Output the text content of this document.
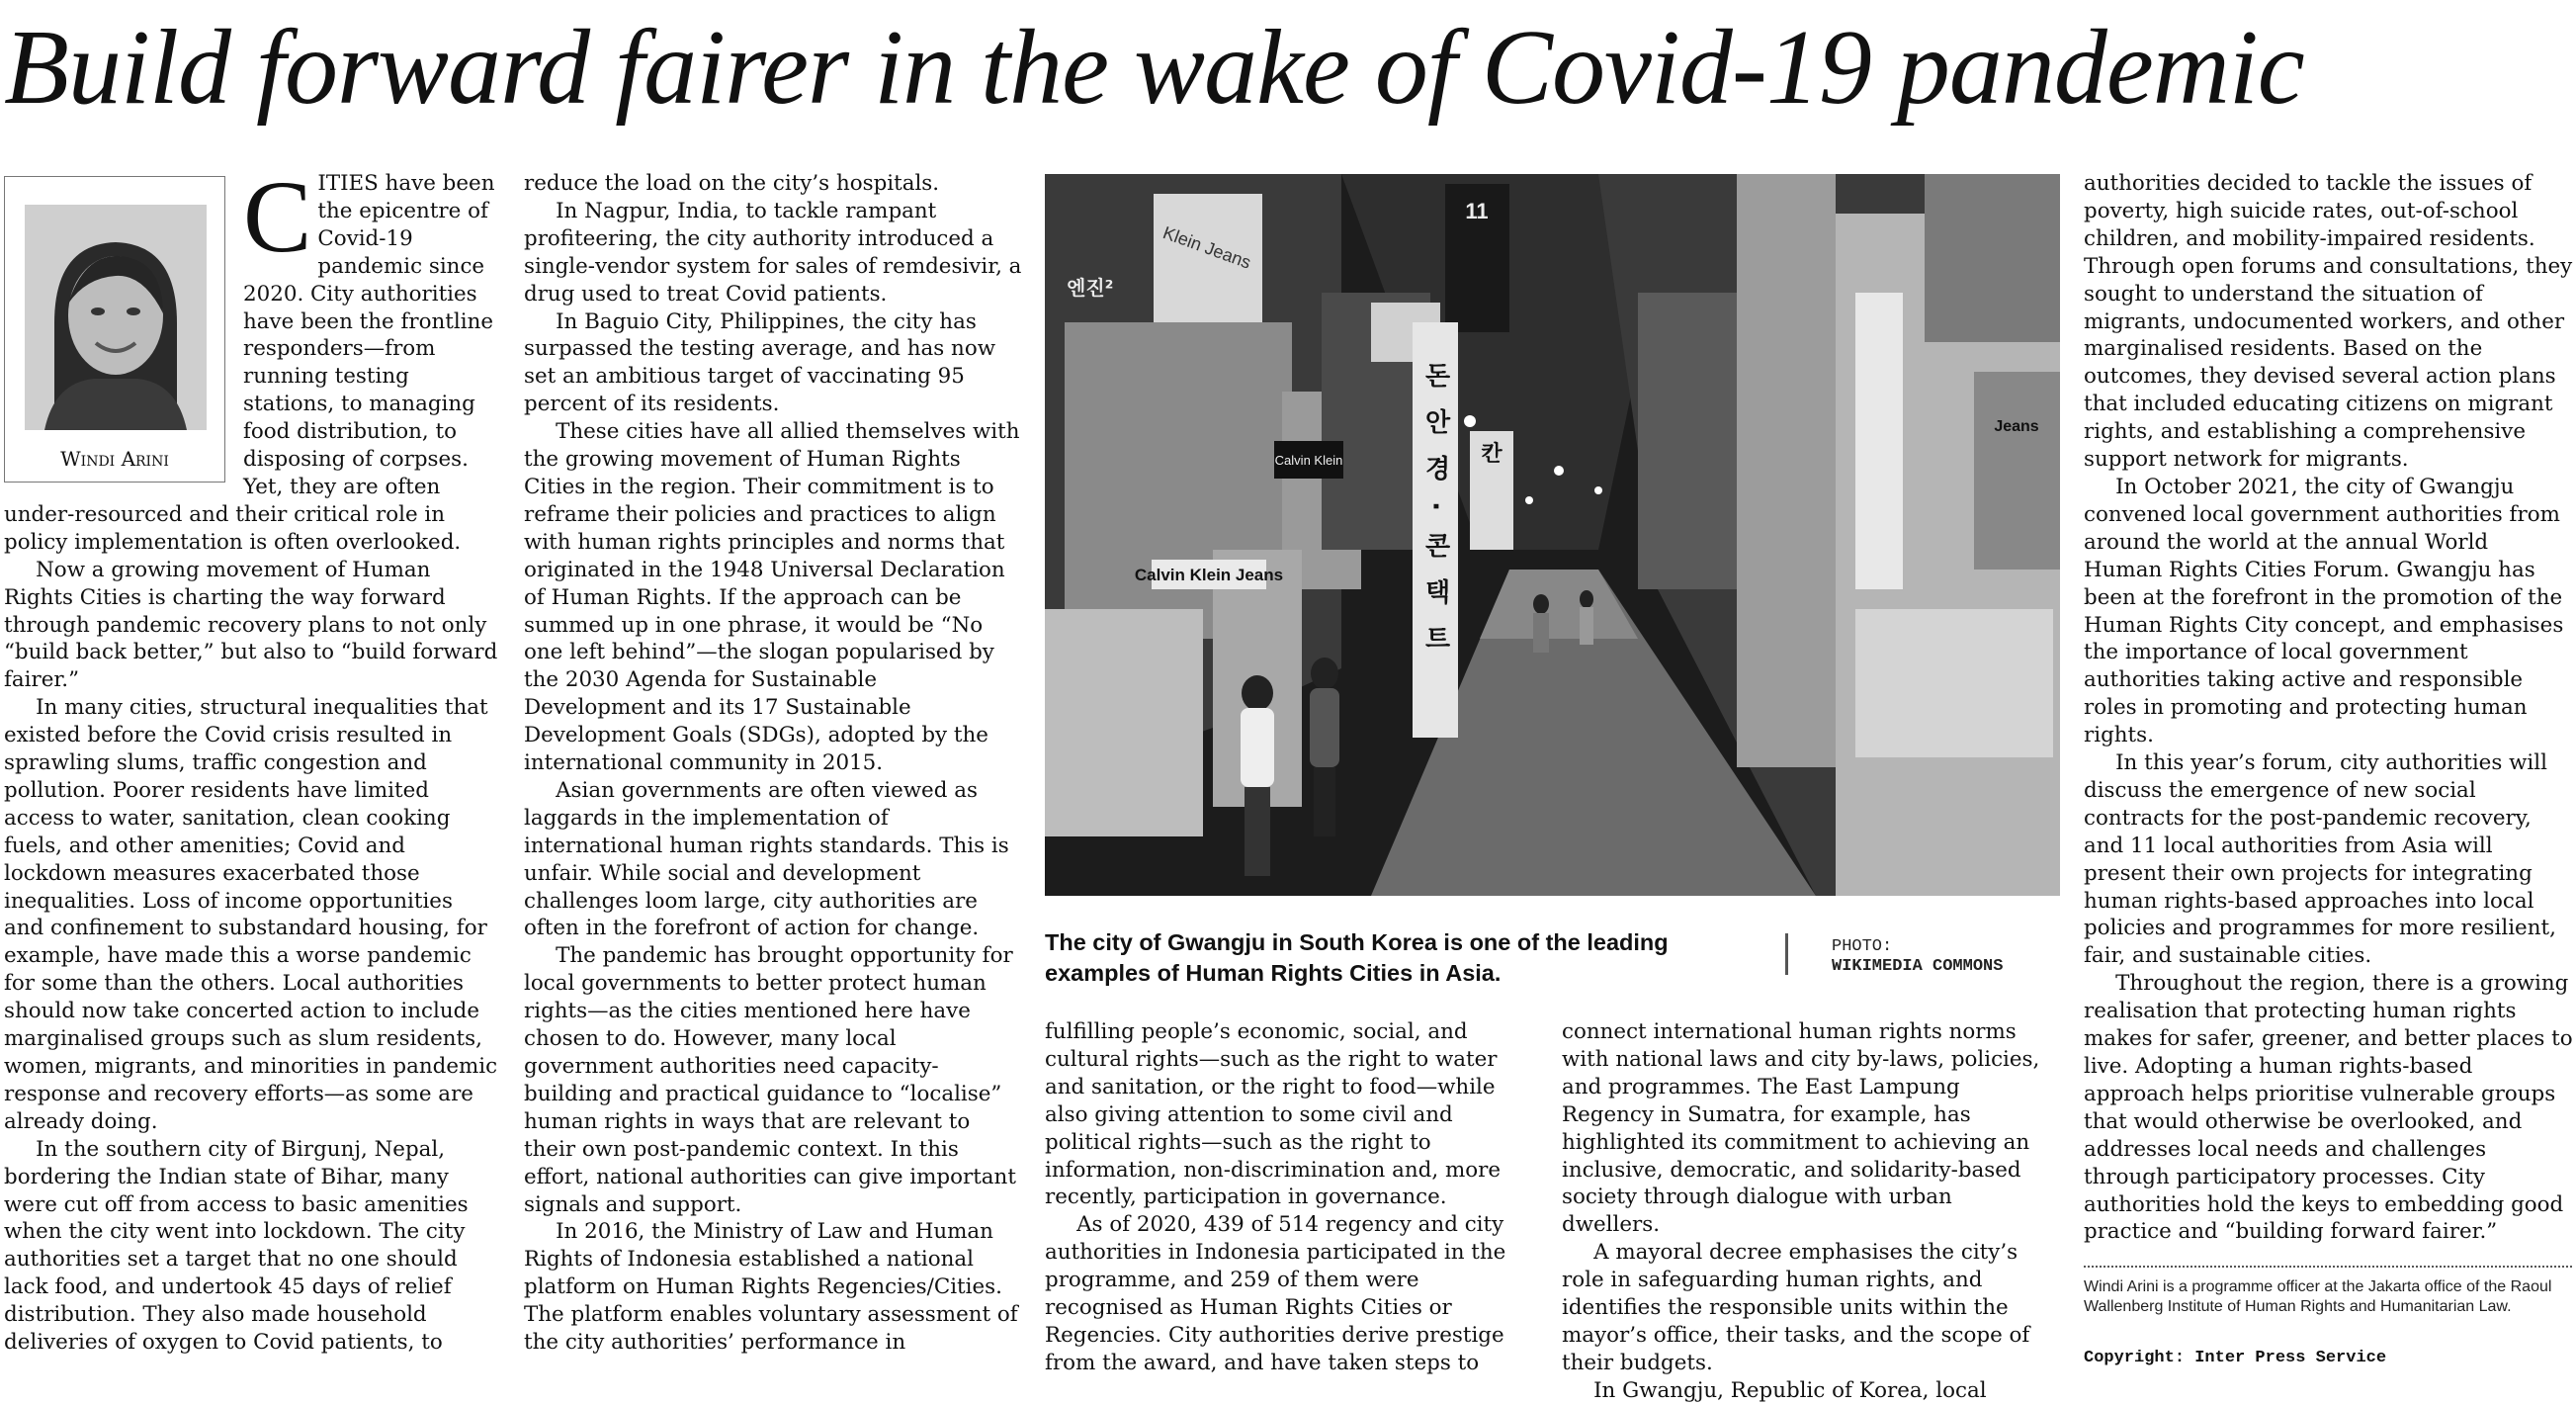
Build forward fairer in the wake of Covid-19 pandemic
Windi Arini

CITIES have been the epicentre of Covid-19 pandemic since 2020. City authorities have been the frontline responders—from running testing stations, to managing food distribution, to disposing of corpses. Yet, they are often under-resourced and their critical role in policy implementation is often overlooked.

Now a growing movement of Human Rights Cities is charting the way forward through pandemic recovery plans to not only “build back better,” but also to “build forward fairer.”

In many cities, structural inequalities that existed before the Covid crisis resulted in sprawling slums, traffic congestion and pollution. Poorer residents have limited access to water, sanitation, clean cooking fuels, and other amenities; Covid and lockdown measures exacerbated those inequalities. Loss of income opportunities and confinement to substandard housing, for example, have made this a worse pandemic for some than the others. Local authorities should now take concerted action to include marginalised groups such as slum residents, women, migrants, and minorities in pandemic response and recovery efforts—as some are already doing.

In the southern city of Birgunj, Nepal, bordering the Indian state of Bihar, many were cut off from access to basic amenities when the city went into lockdown. The city authorities set a target that no one should lack food, and undertook 45 days of relief distribution. They also made household deliveries of oxygen to Covid patients, to

reduce the load on the city’s hospitals.

In Nagpur, India, to tackle rampant profiteering, the city authority introduced a single-vendor system for sales of remdesivir, a drug used to treat Covid patients.

In Baguio City, Philippines, the city has surpassed the testing average, and has now set an ambitious target of vaccinating 95 percent of its residents.

These cities have all allied themselves with the growing movement of Human Rights Cities in the region. Their commitment is to reframe their policies and practices to align with human rights principles and norms that originated in the 1948 Universal Declaration of Human Rights. If the approach can be summed up in one phrase, it would be “No one left behind”—the slogan popularised by the 2030 Agenda for Sustainable Development and its 17 Sustainable Development Goals (SDGs), adopted by the international community in 2015.

Asian governments are often viewed as laggards in the implementation of international human rights standards. This is unfair. While social and development challenges loom large, city authorities are often in the forefront of action for change.

The pandemic has brought opportunity for local governments to better protect human rights—as the cities mentioned here have chosen to do. However, many local government authorities need capacity-building and practical guidance to “localise” human rights in ways that are relevant to their own post-pandemic context. In this effort, national authorities can give important signals and support.

In 2016, the Ministry of Law and Human Rights of Indonesia established a national platform on Human Rights Regencies/Cities. The platform enables voluntary assessment of the city authorities’ performance in

Calvin Klein Jeans
Calvin Klein
Klein Jeans
엔진²
11
돈 안 경 · 콘 택 트 칸
Jeans
The city of Gwangju in South Korea is one of the leading examples of Human Rights Cities in Asia.
PHOTO:
WIKIMEDIA COMMONS

fulfilling people’s economic, social, and cultural rights—such as the right to water and sanitation, or the right to food—while also giving attention to some civil and political rights—such as the right to information, non-discrimination and, more recently, participation in governance.

As of 2020, 439 of 514 regency and city authorities in Indonesia participated in the programme, and 259 of them were recognised as Human Rights Cities or Regencies. City authorities derive prestige from the award, and have taken steps to

connect international human rights norms with national laws and city by-laws, policies, and programmes. The East Lampung Regency in Sumatra, for example, has highlighted its commitment to achieving an inclusive, democratic, and solidarity-based society through dialogue with urban dwellers.

A mayoral decree emphasises the city’s role in safeguarding human rights, and identifies the responsible units within the mayor’s office, their tasks, and the scope of their budgets.

In Gwangju, Republic of Korea, local

authorities decided to tackle the issues of poverty, high suicide rates, out-of-school children, and mobility-impaired residents. Through open forums and consultations, they sought to understand the situation of migrants, undocumented workers, and other marginalised residents. Based on the outcomes, they devised several action plans that included educating citizens on migrant rights, and establishing a comprehensive support network for migrants.

In October 2021, the city of Gwangju convened local government authorities from around the world at the annual World Human Rights Cities Forum. Gwangju has been at the forefront in the promotion of the Human Rights City concept, and emphasises the importance of local government authorities taking active and responsible roles in promoting and protecting human rights.

In this year’s forum, city authorities will discuss the emergence of new social contracts for the post-pandemic recovery, and 11 local authorities from Asia will present their own projects for integrating human rights-based approaches into local policies and programmes for more resilient, fair, and sustainable cities.

Throughout the region, there is a growing realisation that protecting human rights makes for safer, greener, and better places to live. Adopting a human rights-based approach helps prioritise vulnerable groups that would otherwise be overlooked, and addresses local needs and challenges through participatory processes. City authorities hold the keys to embedding good practice and “building forward fairer.”

Windi Arini is a programme officer at the Jakarta office of the Raoul Wallenberg Institute of Human Rights and Humanitarian Law.
Copyright: Inter Press Service
